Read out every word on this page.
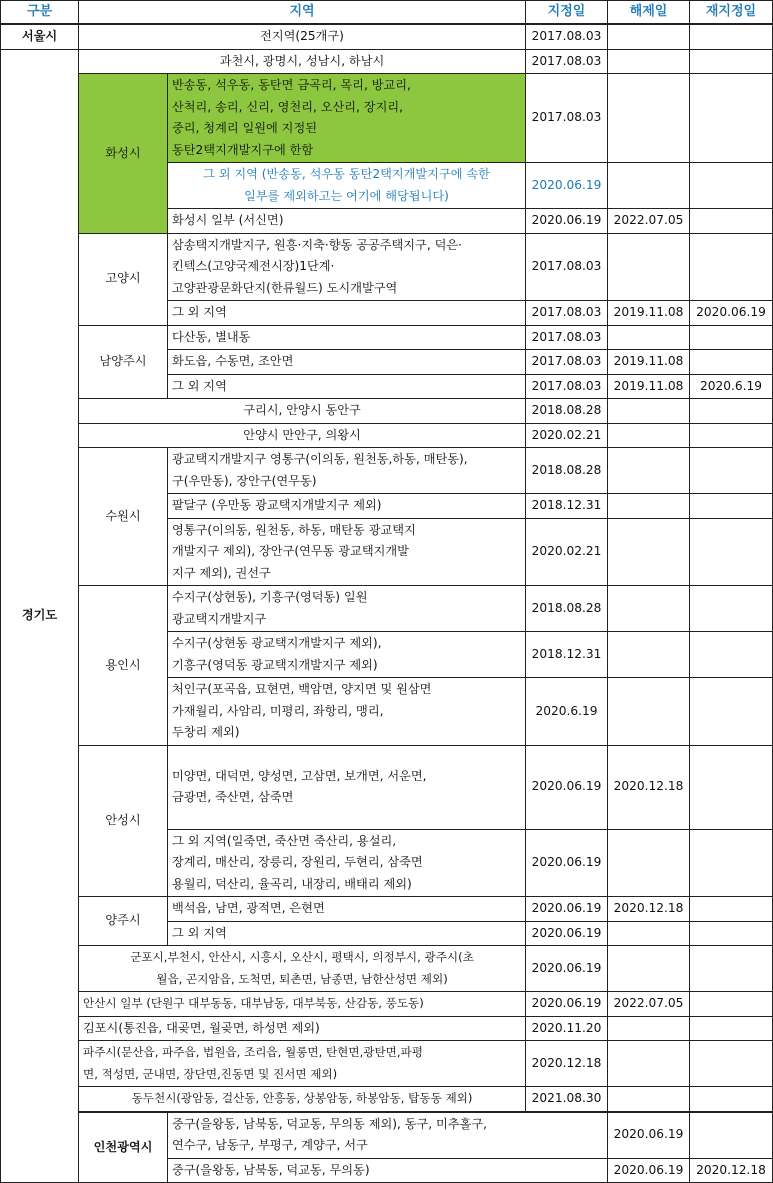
구분	지역		지정일	해제일	재지정일	
서울시	전지역(25개구)		2017.08.03			
경기도	과천시, 광명시, 성남시, 하남시		2017.08.03			
	화성시	반송동, 석우동, 동탄면 금곡리, 목리, 방교리,
산척리, 송리, 신리, 영천리, 오산리, 장지리,
중리, 청계리 일원에 지정된
동탄2택지개발지구에 한함	2017.08.03			

		그 외 지역 (반송동, 석우동 동탄2택지개발지구에 속한
일부를 제외하고는 여기에 해당됩니다)	2020.06.19			
		화성시 일부 (서신면)	2020.06.19	2022.07.05		
	고양시	삼송택지개발지구, 원흥·지축·향동 공공주택지구, 덕은·
킨텍스(고양국제전시장)1단계·
고양관광문화단지(한류월드) 도시개발구역	2017.08.03			
		그 외 지역	2017.08.03	2019.11.08	2020.06.19	
	남양주시	다산동, 별내동	2017.08.03			
		화도읍, 수동면, 조안면	2017.08.03	2019.11.08		
		그 외 지역	2017.08.03	2019.11.08	2020.6.19	
	구리시, 안양시 동안구		2018.08.28			
	안양시 만안구, 의왕시		2020.02.21			
	수원시	광교택지개발지구 영통구(이의동, 원천동,하동, 매탄동),
구(우만동), 장안구(연무동)	2018.08.28			
		팔달구 (우만동 광교택지개발지구 제외)	2018.12.31			

		영통구(이의동, 원천동, 하동, 매탄동 광교택지
개발지구 제외), 장안구(연무동 광교택지개발
지구 제외), 권선구	2020.02.21			
	용인시	수지구(상현동), 기흥구(영덕동) 일원
광교택지개발지구	2018.08.28			

		수지구(상현동 광교택지개발지구 제외),
기흥구(영덕동 광교택지개발지구 제외)	2018.12.31			

		처인구(포곡읍, 묘현면, 백암면, 양지면 및 원삼면
가재월리, 사암리, 미평리, 좌항리, 맹리,
두창리 제외)	2020.6.19			
	안성시	미양면, 대덕면, 양성면, 고삼면, 보개면, 서운면,
금광면, 죽산면, 삼죽면	2020.06.19	2020.12.18		

		그 외 지역(일죽면, 죽산면 죽산리, 용설리,
장계리, 매산리, 장릉리, 장원리, 두현리, 삼죽면
용월리, 덕산리, 율곡리, 내장리, 배태리 제외)	2020.06.19			
	양주시	백석읍, 남면, 광적면, 은현면	2020.06.19	2020.12.18		
		그 외 지역	2020.06.19			

	군포시,부천시, 안산시, 시흥시, 오산시, 평택시, 의정부시, 광주시(초
월읍, 곤지암읍, 도척면, 퇴촌면, 남종면, 남한산성면 제외)		2020.06.19			
	안산시 일부 (단원구 대부동동, 대부남동, 대부북동, 산감동, 풍도동)		2020.06.19	2022.07.05		
	김포시(통진읍, 대곶면, 월곶면, 하성면 제외)		2020.11.20			

	파주시(문산읍, 파주읍, 법원읍, 조리읍, 월롱면, 탄현면,광탄면,파평
면, 적성면, 군내면, 장단면,진동면 및 진서면 제외)		2020.12.18			
	동두천시(광암동, 걸산동, 안흥동, 상봉암동, 하봉암동, 탑동동 제외)		2021.08.30			
	인천광역시	중구(을왕동, 남북동, 덕교동, 무의동 제외), 동구, 미추홀구,
연수구, 남동구, 부평구, 계양구, 서구		2020.06.19		
		중구(을왕동, 남북동, 덕교동, 무의동)		2020.06.19	2020.12.18	
